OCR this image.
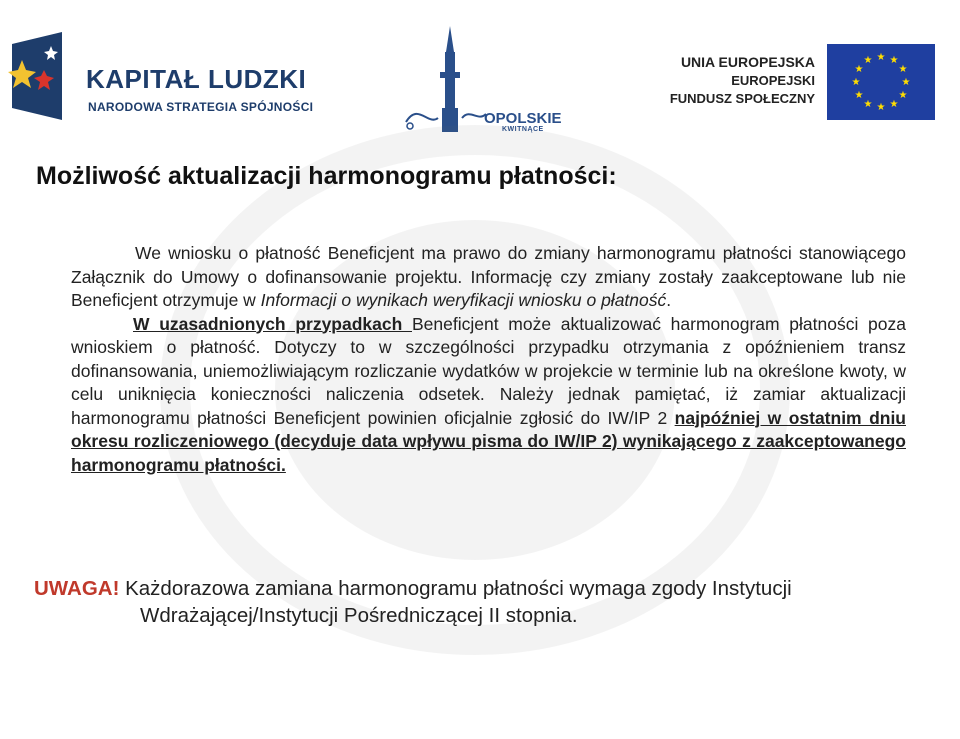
KAPITAŁ LUDZKI
NARODOWA STRATEGIA SPÓJNOŚCI
OPOLSKIE
KWITNĄCE
UNIA EUROPEJSKA
EUROPEJSKI
FUNDUSZ SPOŁECZNY
★ ★
★
★
★
★
★
★
★
★
★
★
Możliwość aktualizacji harmonogramu płatności:

We wniosku o płatność Beneficjent ma prawo do zmiany harmonogramu płatności stanowiącego Załącznik do Umowy o dofinansowanie projektu. Informację czy zmiany zostały zaakceptowane lub nie Beneficjent otrzymuje w Informacji o wynikach weryfikacji wniosku o płatność.

W uzasadnionych przypadkach Beneficjent może aktualizować harmonogram płatności poza wnioskiem o płatność. Dotyczy to w szczególności przypadku otrzymania z opóźnieniem transz dofinansowania, uniemożliwiającym rozliczanie wydatków w projekcie w terminie lub na określone kwoty, w celu uniknięcia konieczności naliczenia odsetek. Należy jednak pamiętać, iż zamiar aktualizacji harmonogramu płatności Beneficjent powinien oficjalnie zgłosić do IW/IP 2 najpóźniej w ostatnim dniu okresu rozliczeniowego (decyduje data wpływu pisma do IW/IP 2) wynikającego z zaakceptowanego harmonogramu płatności.

UWAGA! Każdorazowa zamiana harmonogramu płatności wymaga zgody Instytucji
Wdrażającej/Instytucji Pośredniczącej II stopnia.
